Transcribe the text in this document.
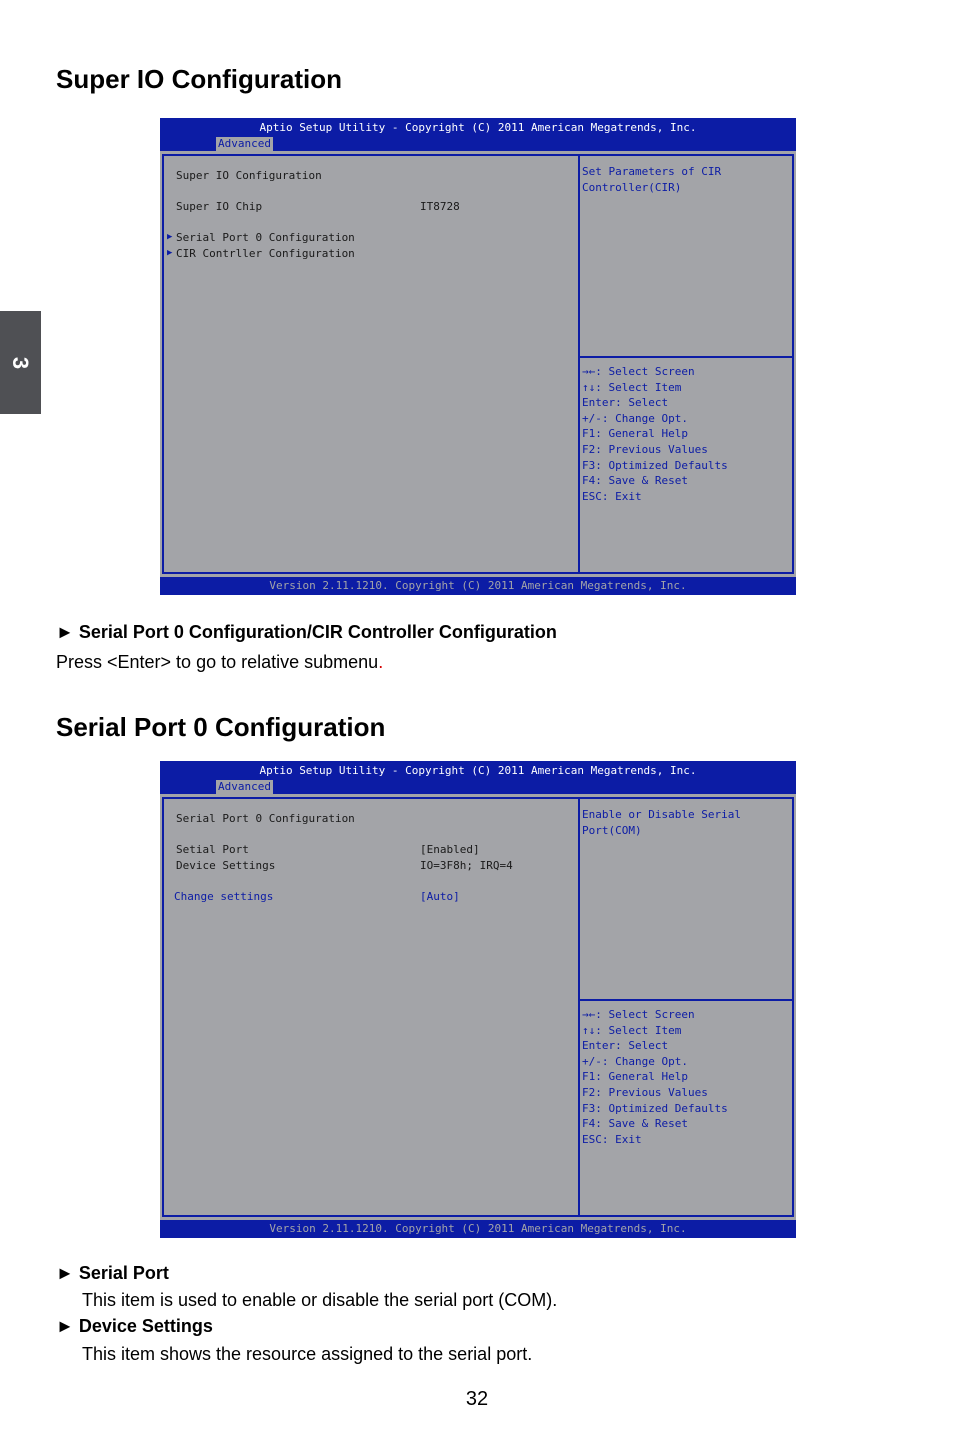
3
Super IO Configuration
Aptio Setup Utility - Copyright (C) 2011 American Megatrends, Inc.
Advanced
Super IO Configuration
Super IO Chip	IT8728
▶ Serial Port 0 Configuration
▶ CIR Contrller Configuration
Set Parameters of CIR
Controller(CIR)
→←: Select Screen
↑↓: Select Item
Enter: Select
+/-: Change Opt.
F1: General Help
F2: Previous Values
F3: Optimized Defaults
F4: Save & Reset
ESC: Exit
Version 2.11.1210. Copyright (C) 2011 American Megatrends, Inc.
► Serial Port 0 Configuration/CIR Controller Configuration
Press <Enter> to go to relative submenu.
Serial Port 0 Configuration
Aptio Setup Utility - Copyright (C) 2011 American Megatrends, Inc.
Advanced
Serial Port 0 Configuration
Setial Port	[Enabled]
Device Settings	IO=3F8h; IRQ=4
Change settings	[Auto]
Enable or Disable Serial
Port(COM)
→←: Select Screen
↑↓: Select Item
Enter: Select
+/-: Change Opt.
F1: General Help
F2: Previous Values
F3: Optimized Defaults
F4: Save & Reset
ESC: Exit
Version 2.11.1210. Copyright (C) 2011 American Megatrends, Inc.
► Serial Port
This item is used to enable or disable the serial port (COM).
► Device Settings
This item shows the resource assigned to the serial port.
32
